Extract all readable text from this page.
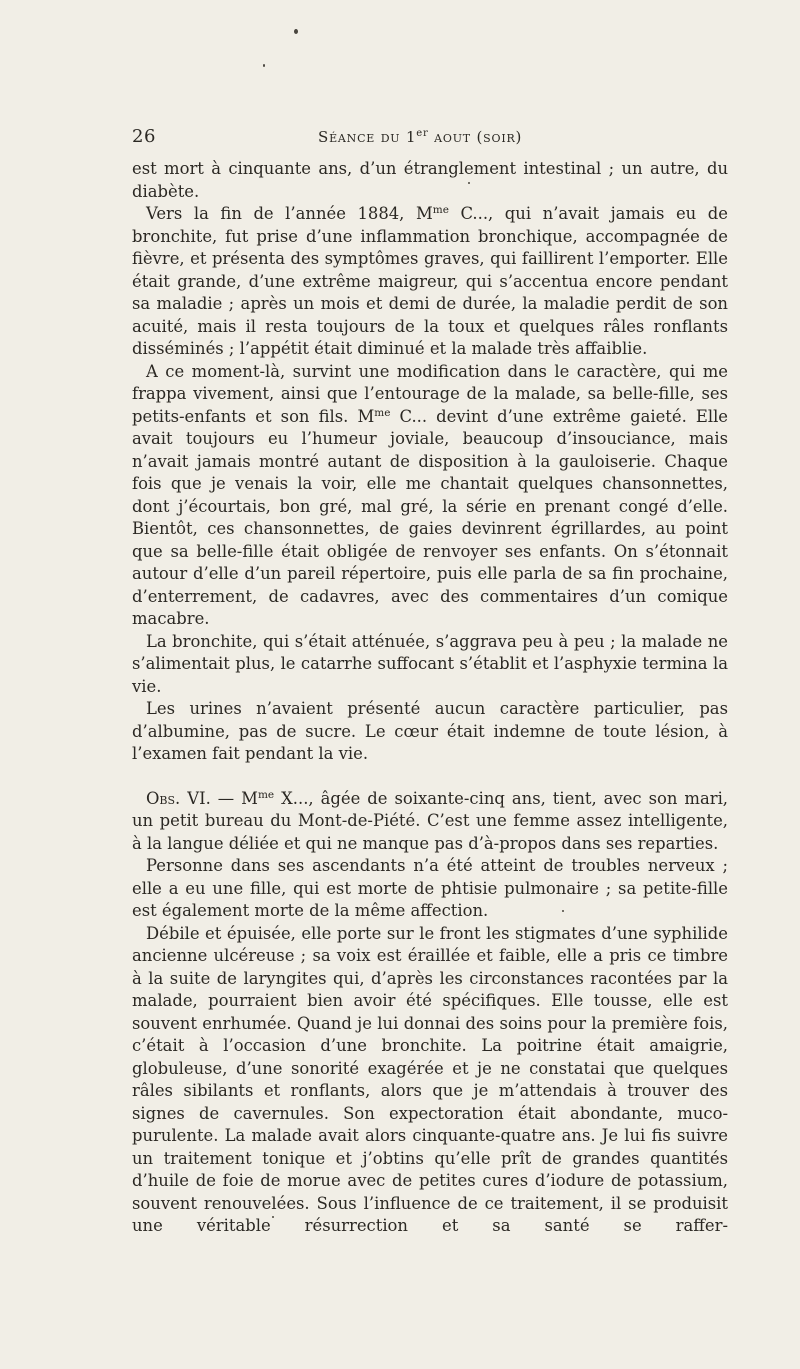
26	Séance du 1er aout (soir)

est mort à cinquante ans, d’un étranglement intestinal ; un autre, du diabète.

Vers la fin de l’année 1884, $M^{me}$ C..., qui n’avait jamais eu de bronchite, fut prise d’une inflammation bronchique, accompagnée de fièvre, et présenta des symptômes graves, qui faillirent l’emporter. Elle était grande, d’une extrême maigreur, qui s’accentua encore pendant sa maladie ; après un mois et demi de durée, la maladie perdit de son acuité, mais il resta toujours de la toux et quelques râles ronflants disséminés ; l’appétit était diminué et la malade très affaiblie.

A ce moment-là, survint une modification dans le caractère, qui me frappa vivement, ainsi que l’entourage de la malade, sa belle-fille, ses petits-enfants et son fils. $M^{me}$ C... devint d’une extrême gaieté. Elle avait toujours eu l’humeur joviale, beaucoup d’insouciance, mais n’avait jamais montré autant de disposition à la gauloiserie. Chaque fois que je venais la voir, elle me chantait quelques chansonnettes, dont j’écourtais, bon gré, mal gré, la série en prenant congé d’elle. Bientôt, ces chansonnettes, de gaies devinrent égrillardes, au point que sa belle-fille était obligée de renvoyer ses enfants. On s’étonnait autour d’elle d’un pareil répertoire, puis elle parla de sa fin prochaine, d’enterrement, de cadavres, avec des commentaires d’un comique macabre.

La bronchite, qui s’était atténuée, s’aggrava peu à peu ; la malade ne s’alimentait plus, le catarrhe suffocant s’établit et l’asphyxie termina la vie.

Les urines n’avaient présenté aucun caractère particulier, pas d’albumine, pas de sucre. Le cœur était indemne de toute lésion, à l’examen fait pendant la vie.

Obs. VI. — $M^{me}$ X..., âgée de soixante-cinq ans, tient, avec son mari, un petit bureau du Mont-de-Piété. C’est une femme assez intelligente, à la langue déliée et qui ne manque pas d’à-propos dans ses reparties.

Personne dans ses ascendants n’a été atteint de troubles nerveux ; elle a eu une fille, qui est morte de phtisie pulmonaire ; sa petite-fille est également morte de la même affection.

Débile et épuisée, elle porte sur le front les stigmates d’une syphilide ancienne ulcéreuse ; sa voix est éraillée et faible, elle a pris ce timbre à la suite de laryngites qui, d’après les circonstances racontées par la malade, pourraient bien avoir été spécifiques. Elle tousse, elle est souvent enrhumée. Quand je lui donnai des soins pour la première fois, c’était à l’occasion d’une bronchite. La poitrine était amaigrie, globuleuse, d’une sonorité exagérée et je ne constatai que quelques râles sibilants et ronflants, alors que je m’attendais à trouver des signes de cavernules. Son expectoration était abondante, muco-purulente. La malade avait alors cinquante-quatre ans. Je lui fis suivre un traitement tonique et j’obtins qu’elle prît de grandes quantités d’huile de foie de morue avec de petites cures d’iodure de potassium, souvent renouvelées. Sous l’influence de ce traitement, il se produisit une véritable résurrection et sa santé se raffer-
